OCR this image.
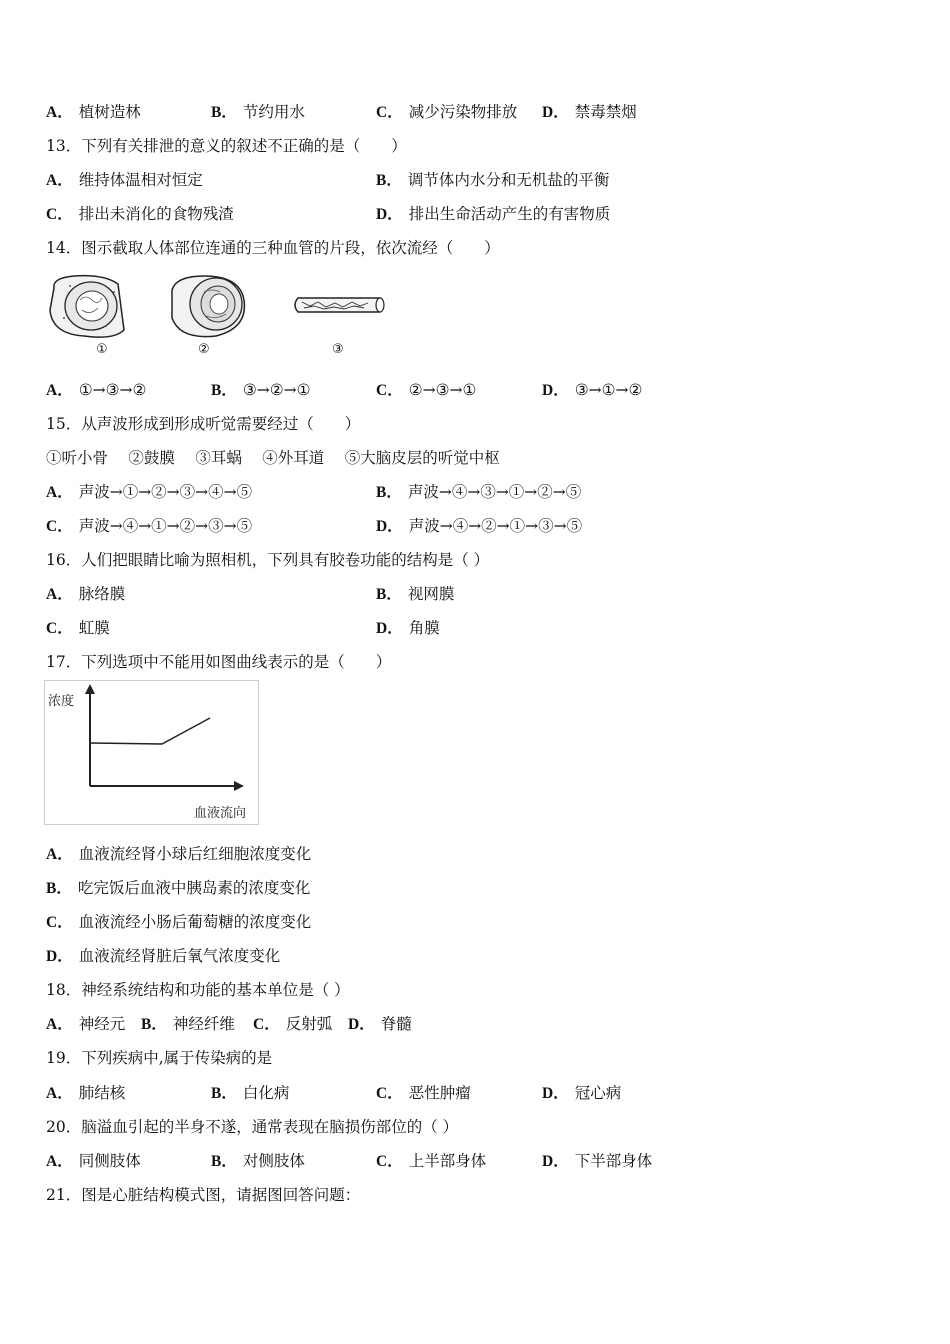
A． 植树造林	B． 节约用水	C． 减少污染物排放 D． 禁毒禁烟
13．下列有关排泄的意义的叙述不正确的是（　　）
A． 维持体温相对恒定	B． 调节体内水分和无机盐的平衡
C． 排出未消化的食物残渣	D． 排出生命活动产生的有害物质
14．图示截取人体部位连通的三种血管的片段，依次流经（　　）
①	②	③
A． ①→③→②	B． ③→②→①	C． ②→③→①	D． ③→①→②
15．从声波形成到形成听觉需要经过（　　）
①听小骨　 ②鼓膜　 ③耳蜗　 ④外耳道　 ⑤大脑皮层的听觉中枢
A． 声波→①→②→③→④→⑤	B． 声波→④→③→①→②→⑤
C． 声波→④→①→②→③→⑤	D． 声波→④→②→①→③→⑤
16．人们把眼睛比喻为照相机，下列具有胶卷功能的结构是（ ）
A． 脉络膜	B． 视网膜
C． 虹膜	D． 角膜
17．下列选项中不能用如图曲线表示的是（　　）
浓度
血液流向
A． 血液流经肾小球后红细胞浓度变化
B． 吃完饭后血液中胰岛素的浓度变化
C． 血液流经小肠后葡萄糖的浓度变化
D． 血液流经肾脏后氧气浓度变化
18．神经系统结构和功能的基本单位是（ ）
A． 神经元 B． 神经纤维 C． 反射弧 D． 脊髓
19．下列疾病中,属于传染病的是
A． 肺结核	B． 白化病	C． 恶性肿瘤	D． 冠心病
20．脑溢血引起的半身不遂，通常表现在脑损伤部位的（ ）
A． 同侧肢体	B． 对侧肢体	C． 上半部身体	D． 下半部身体
21．图是心脏结构模式图，请据图回答问题：
